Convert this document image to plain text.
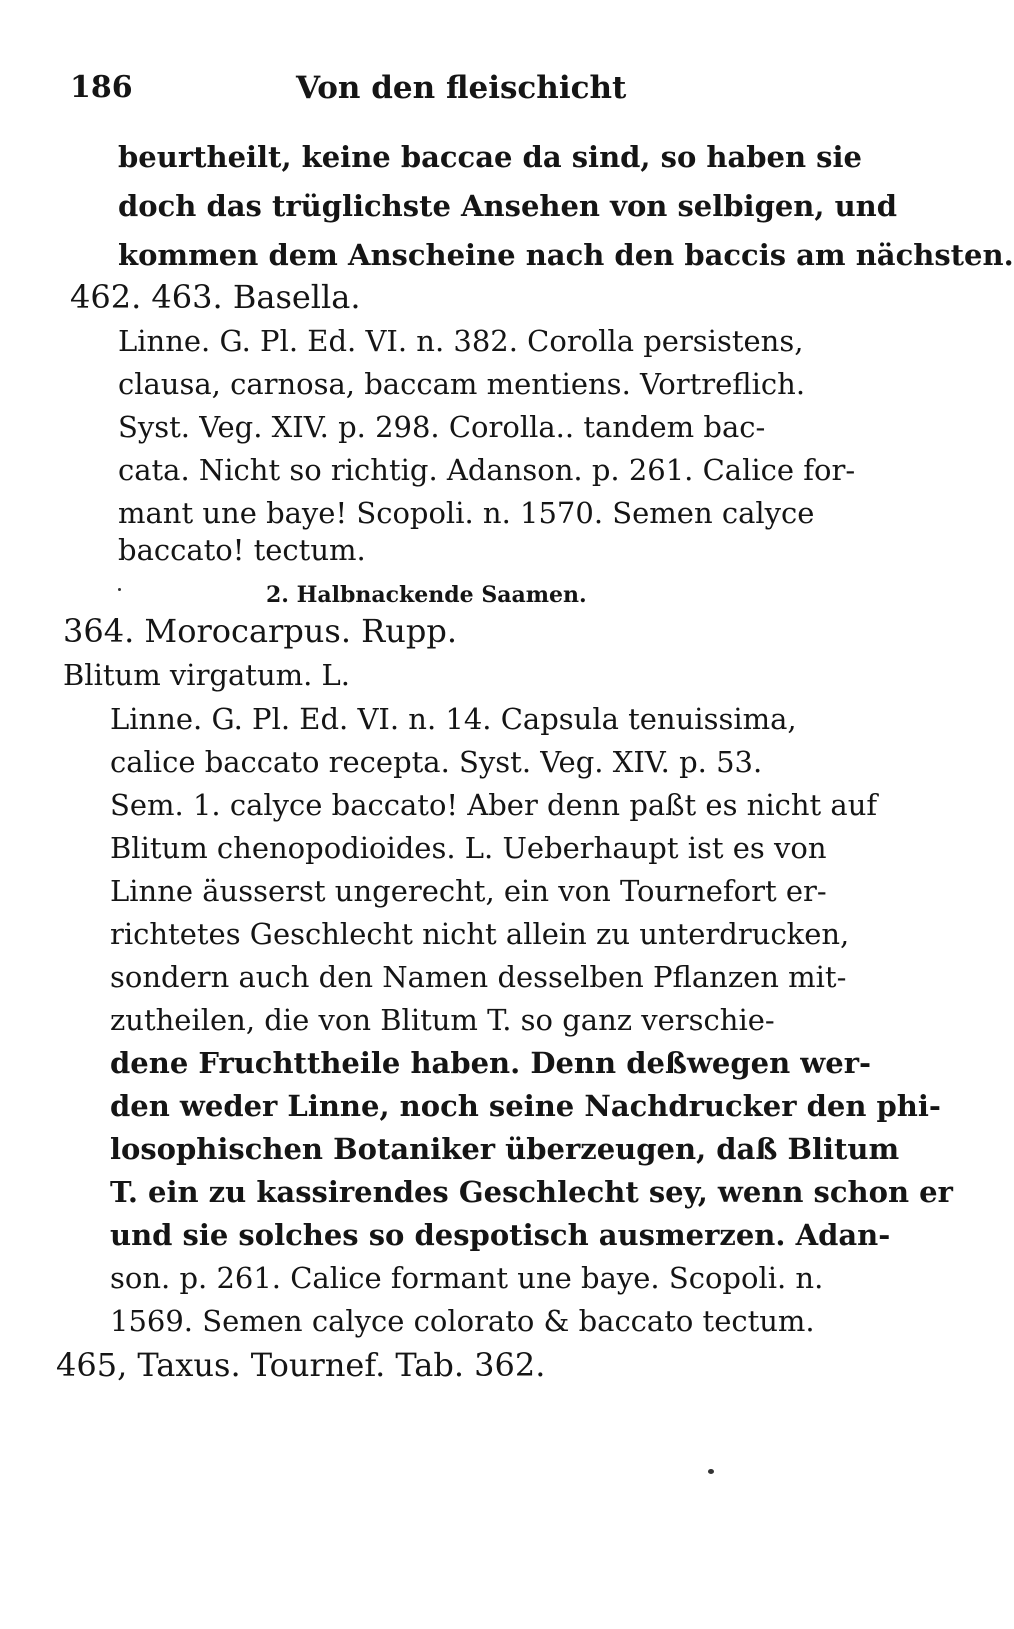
186	Von den fleischicht
beurtheilt, keine baccae da sind, so haben sie
doch das trüglichste Ansehen von selbigen, und
kommen dem Anscheine nach den baccis am nächsten.
462. 463. Basella.
Linne. G. Pl. Ed. VI. n. 382. Corolla persistens,
clausa, carnosa, baccam mentiens. Vortreflich.
Syst. Veg. XIV. p. 298. Corolla.. tandem bac-
cata. Nicht so richtig. Adanson. p. 261. Calice for-
mant une baye! Scopoli. n. 1570. Semen calyce
baccato! tectum.
2. Halbnackende Saamen.
364. Morocarpus. Rupp.
Blitum virgatum. L.
Linne. G. Pl. Ed. VI. n. 14. Capsula tenuissima,
calice baccato recepta. Syst. Veg. XIV. p. 53.
Sem. 1. calyce baccato! Aber denn paßt es nicht auf
Blitum chenopodioides. L. Ueberhaupt ist es von
Linne äusserst ungerecht, ein von Tournefort er-
richtetes Geschlecht nicht allein zu unterdrucken,
sondern auch den Namen desselben Pflanzen mit-
zutheilen, die von Blitum T. so ganz verschie-
dene Fruchttheile haben. Denn deßwegen wer-
den weder Linne, noch seine Nachdrucker den phi-
losophischen Botaniker überzeugen, daß Blitum
T. ein zu kassirendes Geschlecht sey, wenn schon er
und sie solches so despotisch ausmerzen. Adan-
son. p. 261. Calice formant une baye. Scopoli. n.
1569. Semen calyce colorato & baccato tectum.
465, Taxus. Tournef. Tab. 362.
